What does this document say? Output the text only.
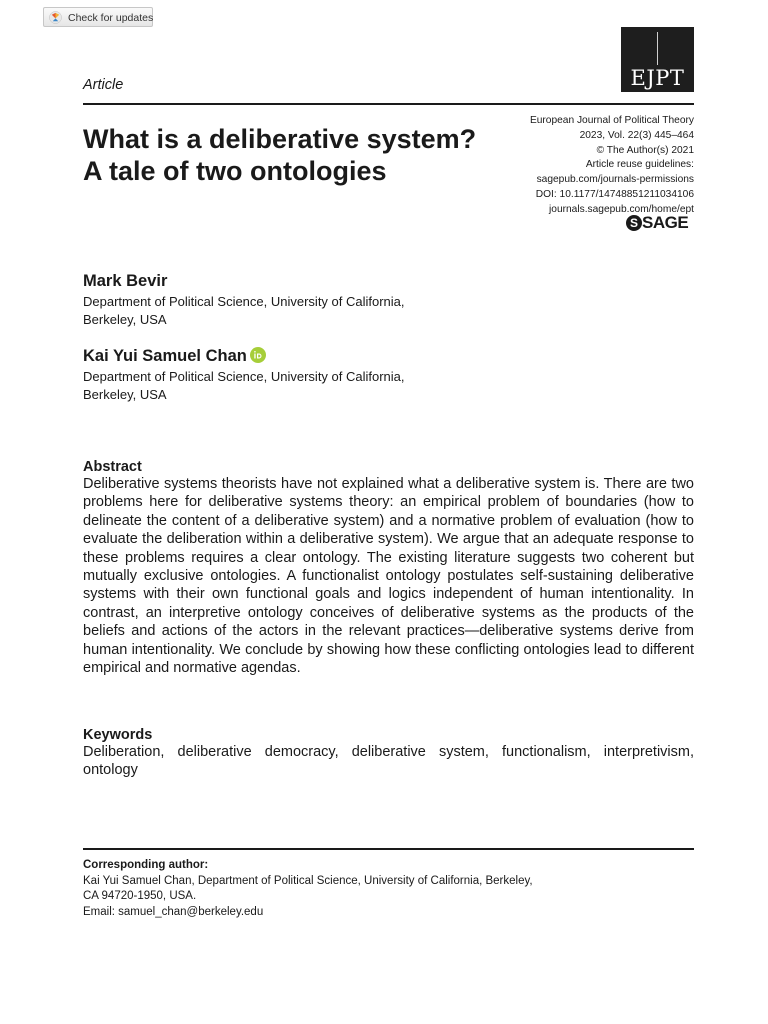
Check for updates
EJPT
Article
What is a deliberative system? A tale of two ontologies
European Journal of Political Theory
2023, Vol. 22(3) 445–464
© The Author(s) 2021
Article reuse guidelines:
sagepub.com/journals-permissions
DOI: 10.1177/14748851211034106
journals.sagepub.com/home/ept
S SAGE
Mark Bevir
Department of Political Science, University of California,
Berkeley, USA
Kai Yui Samuel Chan
Department of Political Science, University of California,
Berkeley, USA
Abstract
Deliberative systems theorists have not explained what a deliberative system is. There are two problems here for deliberative systems theory: an empirical problem of boundaries (how to delineate the content of a deliberative system) and a normative problem of evaluation (how to evaluate the deliberation within a deliberative system). We argue that an adequate response to these problems requires a clear ontology. The existing literature suggests two coherent but mutually exclusive ontologies. A functionalist ontology postulates self-sustaining deliberative systems with their own functional goals and logics independent of human intentionality. In contrast, an interpretive ontology conceives of deliberative systems as the products of the beliefs and actions of the actors in the relevant practices—deliberative systems derive from human intentionality. We conclude by showing how these conflicting ontologies lead to different empirical and normative agendas.
Keywords
Deliberation, deliberative democracy, deliberative system, functionalism, interpretivism, ontology
Corresponding author:
Kai Yui Samuel Chan, Department of Political Science, University of California, Berkeley,
CA 94720-1950, USA.
Email: samuel_chan@berkeley.edu
